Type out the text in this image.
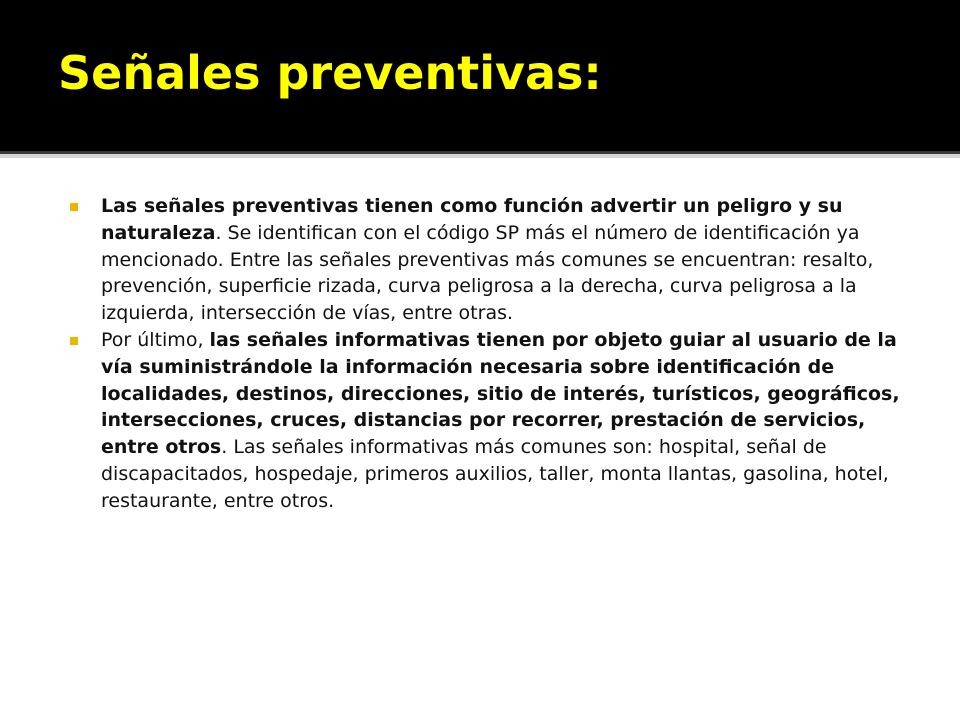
Señales preventivas:
Las señales preventivas tienen como función advertir un peligro y su naturaleza. Se identifican con el código SP más el número de identificación ya mencionado. Entre las señales preventivas más comunes se encuentran: resalto, prevención, superficie rizada, curva peligrosa a la derecha, curva peligrosa a la izquierda, intersección de vías, entre otras.
Por último, las señales informativas tienen por objeto guiar al usuario de la vía suministrándole la información necesaria sobre identificación de localidades, destinos, direcciones, sitio de interés, turísticos, geográficos, intersecciones, cruces, distancias por recorrer, prestación de servicios, entre otros. Las señales informativas más comunes son: hospital, señal de discapacitados, hospedaje, primeros auxilios, taller, monta llantas, gasolina, hotel, restaurante, entre otros.
